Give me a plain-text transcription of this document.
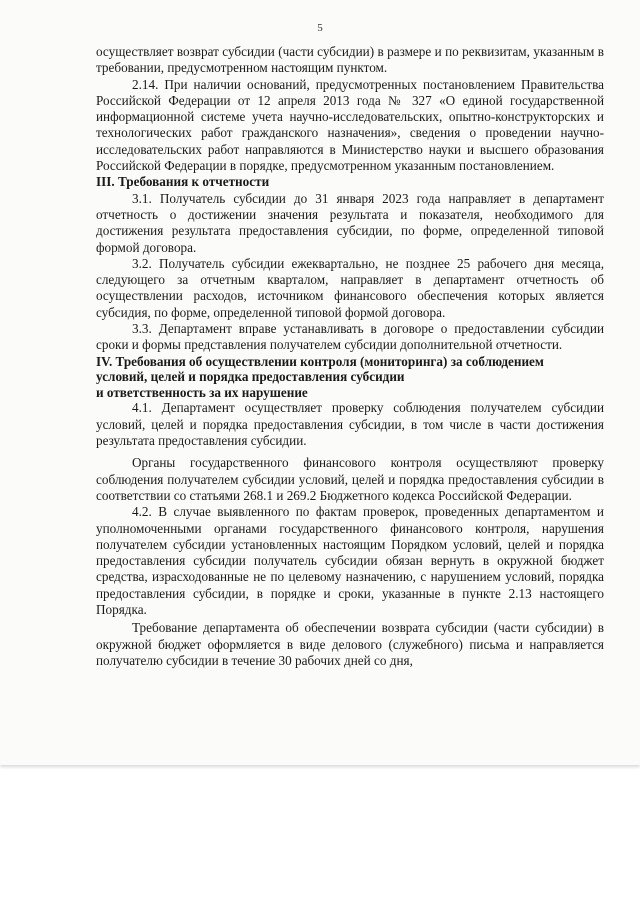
5

осуществляет возврат субсидии (части субсидии) в размере и по реквизитам, указанным в требовании, предусмотренном настоящим пунктом.

2.14. При наличии оснований, предусмотренных постановлением Правительства Российской Федерации от 12 апреля 2013 года № 327 «О единой государственной информационной системе учета научно-исследовательских, опытно-конструкторских и технологических работ гражданского назначения», сведения о проведении научно-исследовательских работ направляются в Министерство науки и высшего образования Российской Федерации в порядке, предусмотренном указанным постановлением.

III. Требования к отчетности

3.1. Получатель субсидии до 31 января 2023 года направляет в департамент отчетность о достижении значения результата и показателя, необходимого для достижения результата предоставления субсидии, по форме, определенной типовой формой договора.

3.2. Получатель субсидии ежеквартально, не позднее 25 рабочего дня месяца, следующего за отчетным кварталом, направляет в департамент отчетность об осуществлении расходов, источником финансового обеспечения которых является субсидия, по форме, определенной типовой формой договора.

3.3. Департамент вправе устанавливать в договоре о предоставлении субсидии сроки и формы представления получателем субсидии дополнительной отчетности.

IV. Требования об осуществлении контроля (мониторинга) за соблюдением
условий, целей и порядка предоставления субсидии
и ответственность за их нарушение

4.1. Департамент осуществляет проверку соблюдения получателем субсидии условий, целей и порядка предоставления субсидии, в том числе в части достижения результата предоставления субсидии.

Органы государственного финансового контроля осуществляют проверку соблюдения получателем субсидии условий, целей и порядка предоставления субсидии в соответствии со статьями 268.1 и 269.2 Бюджетного кодекса Российской Федерации.

4.2. В случае выявленного по фактам проверок, проведенных департаментом и уполномоченными органами государственного финансового контроля, нарушения получателем субсидии установленных настоящим Порядком условий, целей и порядка предоставления субсидии получатель субсидии обязан вернуть в окружной бюджет средства, израсходованные не по целевому назначению, с нарушением условий, порядка предоставления субсидии, в порядке и сроки, указанные в пункте 2.13 настоящего Порядка.

Требование департамента об обеспечении возврата субсидии (части субсидии) в окружной бюджет оформляется в виде делового (служебного) письма и направляется получателю субсидии в течение 30 рабочих дней со дня,
